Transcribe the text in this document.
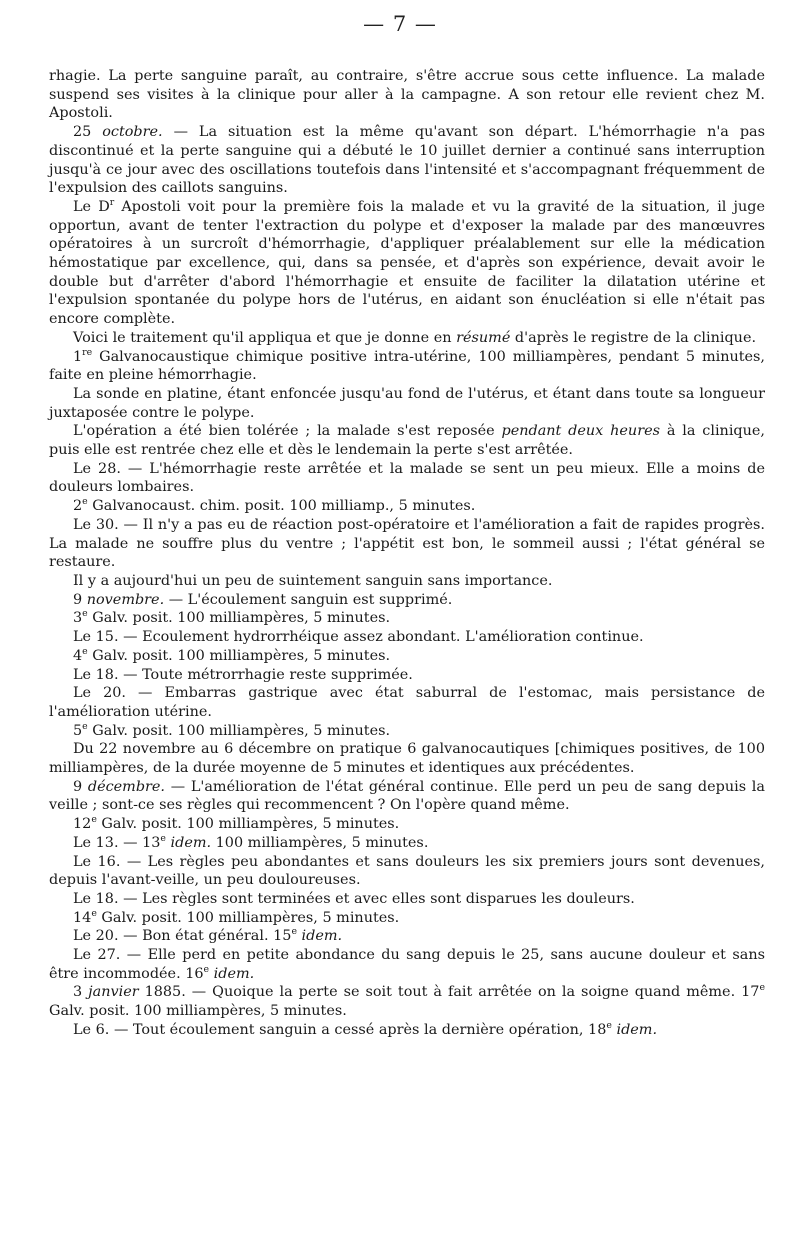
— 7 —

rhagie. La perte sanguine paraît, au contraire, s'être accrue sous cette influence. La malade suspend ses visites à la clinique pour aller à la campagne. A son retour elle revient chez M. Apostoli.

25 octobre. — La situation est la même qu'avant son départ. L'hémorrhagie n'a pas discontinué et la perte sanguine qui a débuté le 10 juillet dernier a continué sans interruption jusqu'à ce jour avec des oscillations toutefois dans l'intensité et s'accompagnant fréquemment de l'expulsion des caillots sanguins.

Le $D^r$ Apostoli voit pour la première fois la malade et vu la gravité de la situation, il juge opportun, avant de tenter l'extraction du polype et d'exposer la malade par des manœuvres opératoires à un surcroît d'hémorrhagie, d'appliquer préalablement sur elle la médication hémostatique par excellence, qui, dans sa pensée, et d'après son expérience, devait avoir le double but d'arrêter d'abord l'hémorrhagie et ensuite de faciliter la dilatation utérine et l'expulsion spontanée du polype hors de l'utérus, en aidant son énucléation si elle n'était pas encore complète.

Voici le traitement qu'il appliqua et que je donne en résumé d'après le registre de la clinique.

1re Galvanocaustique chimique positive intra-utérine, 100 milliampères, pendant 5 minutes, faite en pleine hémorrhagie.

La sonde en platine, étant enfoncée jusqu'au fond de l'utérus, et étant dans toute sa longueur juxtaposée contre le polype.

L'opération a été bien tolérée ; la malade s'est reposée pendant deux heures à la clinique, puis elle est rentrée chez elle et dès le lendemain la perte s'est arrêtée.

Le 28. — L'hémorrhagie reste arrêtée et la malade se sent un peu mieux. Elle a moins de douleurs lombaires.

2e Galvanocaust. chim. posit. 100 milliamp., 5 minutes.

Le 30. — Il n'y a pas eu de réaction post-opératoire et l'amélioration a fait de rapides progrès. La malade ne souffre plus du ventre ; l'appétit est bon, le sommeil aussi ; l'état général se restaure.

Il y a aujourd'hui un peu de suintement sanguin sans importance.

9 novembre. — L'écoulement sanguin est supprimé.

3e Galv. posit. 100 milliampères, 5 minutes.

Le 15. — Ecoulement hydrorrhéique assez abondant. L'amélioration continue.

4e Galv. posit. 100 milliampères, 5 minutes.

Le 18. — Toute métrorrhagie reste supprimée.

Le 20. — Embarras gastrique avec état saburral de l'estomac, mais persistance de l'amélioration utérine.

5e Galv. posit. 100 milliampères, 5 minutes.

Du 22 novembre au 6 décembre on pratique 6 galvanocautiques [chimiques positives, de 100 milliampères, de la durée moyenne de 5 minutes et identiques aux précédentes.

9 décembre. — L'amélioration de l'état général continue. Elle perd un peu de sang depuis la veille ; sont-ce ses règles qui recommencent ? On l'opère quand même.

12e Galv. posit. 100 milliampères, 5 minutes.

Le 13. — 13e idem. 100 milliampères, 5 minutes.

Le 16. — Les règles peu abondantes et sans douleurs les six premiers jours sont devenues, depuis l'avant-veille, un peu douloureuses.

Le 18. — Les règles sont terminées et avec elles sont disparues les douleurs.

14e Galv. posit. 100 milliampères, 5 minutes.

Le 20. — Bon état général. 15e idem.

Le 27. — Elle perd en petite abondance du sang depuis le 25, sans aucune douleur et sans être incommodée. 16e idem.

3 janvier 1885. — Quoique la perte se soit tout à fait arrêtée on la soigne quand même. 17e Galv. posit. 100 milliampères, 5 minutes.

Le 6. — Tout écoulement sanguin a cessé après la dernière opération, 18e idem.
